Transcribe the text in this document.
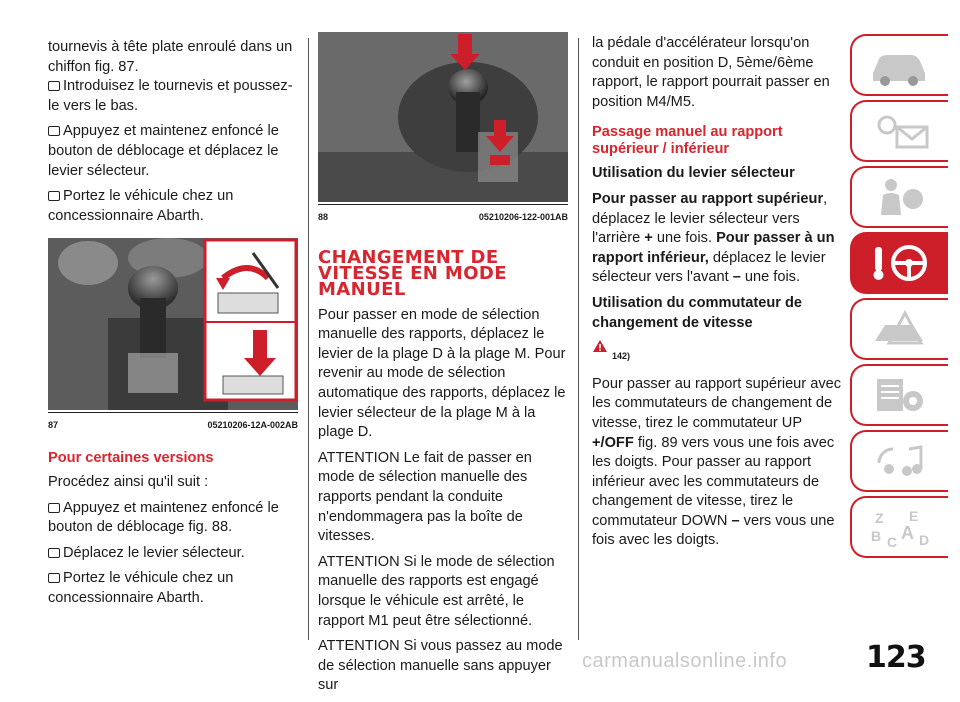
tournevis à tête plate enroulé dans un
chiffon fig. 87.

Introduisez le tournevis et poussez-le vers le bas.

Appuyez et maintenez enfoncé le bouton de déblocage et déplacez le levier sélecteur.

Portez le véhicule chez un concessionnaire Abarth.

87	05210206-12A-002AB
Pour certaines versions

Procédez ainsi qu'il suit :

Appuyez et maintenez enfoncé le bouton de déblocage fig. 88.

Déplacez le levier sélecteur.

Portez le véhicule chez un concessionnaire Abarth.

88	05210206-122-001AB
CHANGEMENT DE VITESSE EN MODE MANUEL

Pour passer en mode de sélection manuelle des rapports, déplacez le levier de la plage D à la plage M. Pour revenir au mode de sélection automatique des rapports, déplacez le levier sélecteur de la plage M à la plage D.

ATTENTION Le fait de passer en mode de sélection manuelle des rapports pendant la conduite n'endommagera pas la boîte de vitesses.

ATTENTION Si le mode de sélection manuelle des rapports est engagé lorsque le véhicule est arrêté, le rapport M1 peut être sélectionné.

ATTENTION Si vous passez au mode de sélection manuelle sans appuyer sur

la pédale d'accélérateur lorsqu'on conduit en position D, 5ème/6ème rapport, le rapport pourrait passer en position M4/M5.

Passage manuel au rapport supérieur / inférieur

Utilisation du levier sélecteur

Pour passer au rapport supérieur, déplacez le levier sélecteur vers l'arrière + une fois. Pour passer à un rapport inférieur, déplacez le levier sélecteur vers l'avant – une fois.

Utilisation du commutateur de changement de vitesse

142)

Pour passer au rapport supérieur avec les commutateurs de changement de vitesse, tirez le commutateur UP +/OFF fig. 89 vers vous une fois avec les doigts. Pour passer au rapport inférieur avec les commutateurs de changement de vitesse, tirez le commutateur DOWN – vers vous une fois avec les doigts.

Z E
B A
C D
carmanualsonline.info	123
